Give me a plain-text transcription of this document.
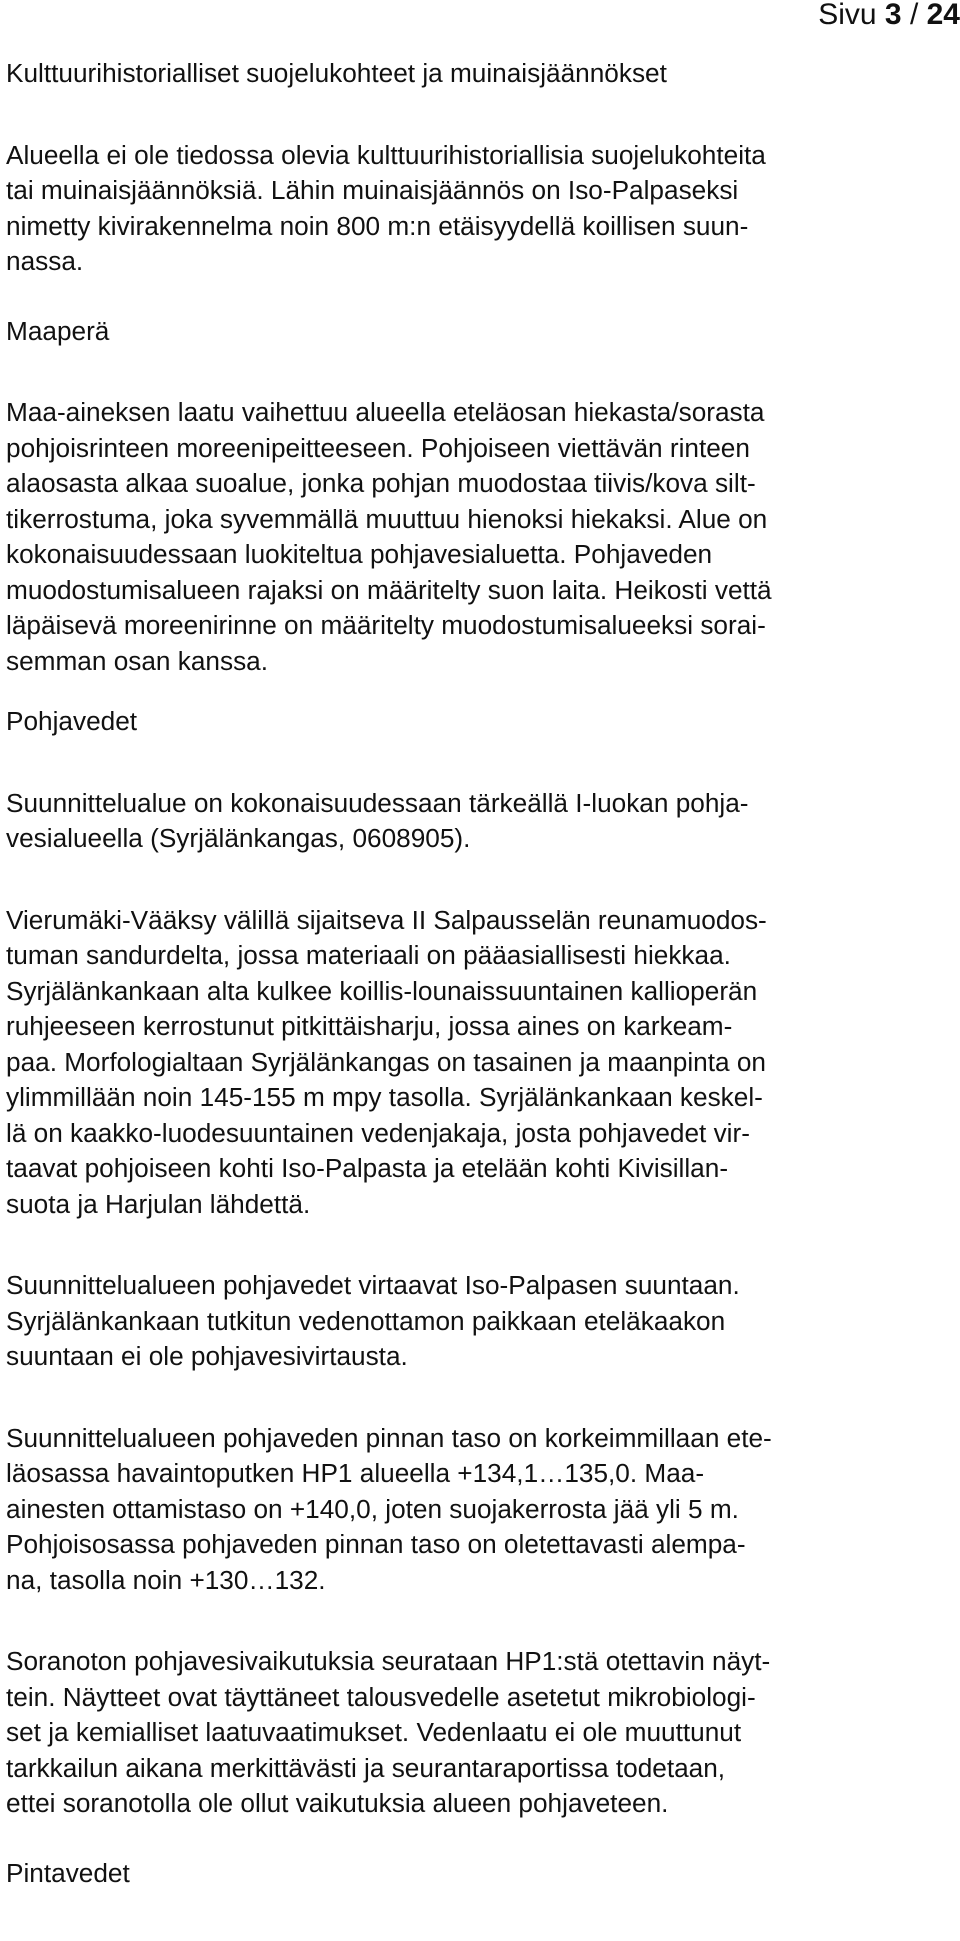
Sivu 3 / 24

Kulttuurihistorialliset suojelukohteet ja muinaisjäännökset

Alueella ei ole tiedossa olevia kulttuurihistoriallisia suojelukohteita

tai muinaisjäännöksiä. Lähin muinaisjäännös on Iso-Palpaseksi

nimetty kivirakennelma noin 800 m:n etäisyydellä koillisen suun-

nassa.

Maaperä

Maa-aineksen laatu vaihettuu alueella eteläosan hiekasta/sorasta

pohjoisrinteen moreenipeitteeseen. Pohjoiseen viettävän rinteen

alaosasta alkaa suoalue, jonka pohjan muodostaa tiivis/kova silt-

tikerrostuma, joka syvemmällä muuttuu hienoksi hiekaksi. Alue on

kokonaisuudessaan luokiteltua pohjavesialuetta. Pohjaveden

muodostumisalueen rajaksi on määritelty suon laita. Heikosti vettä

läpäisevä moreenirinne on määritelty muodostumisalueeksi sorai-

semman osan kanssa.

Pohjavedet

Suunnittelualue on kokonaisuudessaan tärkeällä I-luokan pohja-

vesialueella (Syrjälänkangas, 0608905).

Vierumäki-Vääksy välillä sijaitseva II Salpausselän reunamuodos-

tuman sandurdelta, jossa materiaali on pääasiallisesti hiekkaa.

Syrjälänkankaan alta kulkee koillis-lounaissuuntainen kallioperän

ruhjeeseen kerrostunut pitkittäisharju, jossa aines on karkeam-

paa. Morfologialtaan Syrjälänkangas on tasainen ja maanpinta on

ylimmillään noin 145-155 m mpy tasolla. Syrjälänkankaan keskel-

lä on kaakko-luodesuuntainen vedenjakaja, josta pohjavedet vir-

taavat pohjoiseen kohti Iso-Palpasta ja etelään kohti Kivisillan-

suota ja Harjulan lähdettä.

Suunnittelualueen pohjavedet virtaavat Iso-Palpasen suuntaan.

Syrjälänkankaan tutkitun vedenottamon paikkaan eteläkaakon

suuntaan ei ole pohjavesivirtausta.

Suunnittelualueen pohjaveden pinnan taso on korkeimmillaan ete-

läosassa havaintoputken HP1 alueella +134,1…135,0. Maa-

ainesten ottamistaso on +140,0, joten suojakerrosta jää yli 5 m.

Pohjoisosassa pohjaveden pinnan taso on oletettavasti alempa-

na, tasolla noin +130…132.

Soranoton pohjavesivaikutuksia seurataan HP1:stä otettavin näyt-

tein. Näytteet ovat täyttäneet talousvedelle asetetut mikrobiologi-

set ja kemialliset laatuvaatimukset. Vedenlaatu ei ole muuttunut

tarkkailun aikana merkittävästi ja seurantaraportissa todetaan,

ettei soranotolla ole ollut vaikutuksia alueen pohjaveteen.

Pintavedet
